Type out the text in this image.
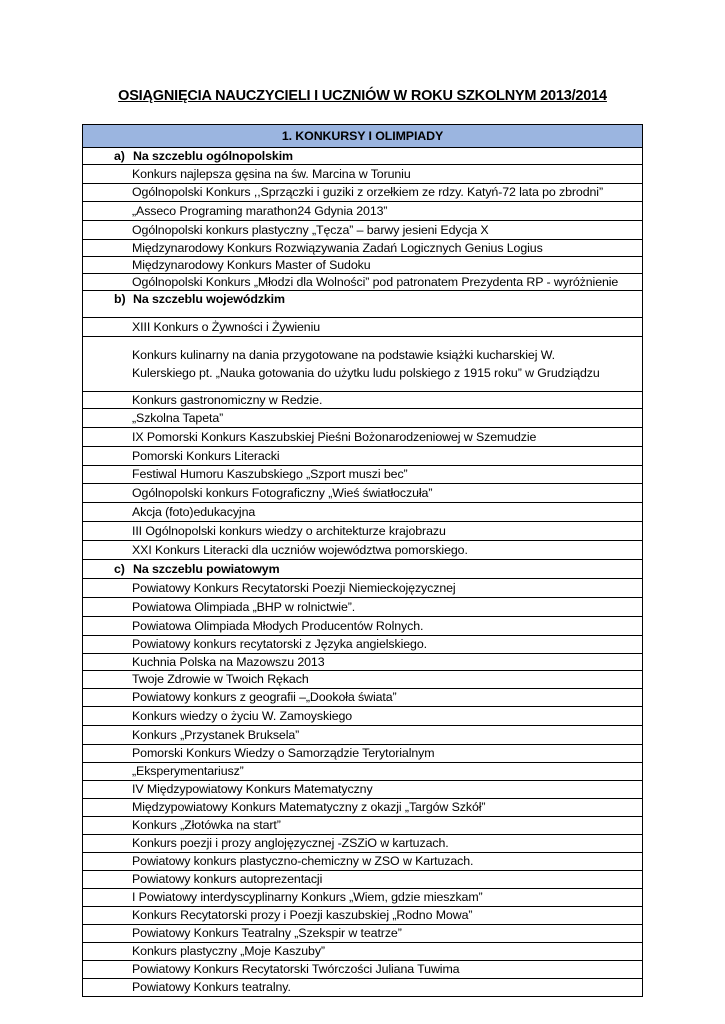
OSIĄGNIĘCIA NAUCZYCIELI I UCZNIÓW W ROKU SZKOLNYM 2013/2014
1. KONKURSY I OLIMPIADY
a) Na szczeblu ogólnopolskim
Konkurs najlepsza gęsina na św. Marcina w Toruniu
Ogólnopolski Konkurs ,,Sprzączki i guziki z orzełkiem ze rdzy. Katyń-72 lata po zbrodni”
„Asseco Programing marathon24 Gdynia 2013”
Ogólnopolski konkurs plastyczny „Tęcza” – barwy jesieni Edycja X
Międzynarodowy Konkurs Rozwiązywania Zadań Logicznych Genius Logius
Międzynarodowy Konkurs Master of Sudoku
Ogólnopolski Konkurs „Młodzi dla Wolności” pod patronatem Prezydenta RP - wyróżnienie
b) Na szczeblu wojewódzkim
XIII Konkurs o Żywności i Żywieniu
Konkurs kulinarny na dania przygotowane na podstawie książki kucharskiej W. Kulerskiego pt. „Nauka gotowania do użytku ludu polskiego z 1915 roku” w Grudziądzu
Konkurs gastronomiczny w Redzie.
„Szkolna Tapeta”
IX Pomorski Konkurs Kaszubskiej Pieśni Bożonarodzeniowej w Szemudzie
Pomorski Konkurs Literacki
Festiwal Humoru Kaszubskiego „Szport muszi bec”
Ogólnopolski konkurs Fotograficzny „Wieś światłoczuła”
Akcja (foto)edukacyjna
III Ogólnopolski konkurs wiedzy o architekturze krajobrazu
XXI Konkurs Literacki dla uczniów województwa pomorskiego.
c) Na szczeblu powiatowym
Powiatowy Konkurs Recytatorski Poezji Niemieckojęzycznej
Powiatowa Olimpiada „BHP w rolnictwie”.
Powiatowa Olimpiada Młodych Producentów Rolnych.
Powiatowy konkurs recytatorski z Języka angielskiego.
Kuchnia Polska na Mazowszu 2013
Twoje Zdrowie w Twoich Rękach
Powiatowy konkurs z geografii –„Dookoła świata”
Konkurs wiedzy o życiu W. Zamoyskiego
Konkurs „Przystanek Bruksela”
Pomorski Konkurs Wiedzy o Samorządzie Terytorialnym
„Eksperymentariusz”
IV Międzypowiatowy Konkurs Matematyczny
Międzypowiatowy Konkurs Matematyczny z okazji „Targów Szkół”
Konkurs „Złotówka na start”
Konkurs poezji i prozy anglojęzycznej -ZSZiO w kartuzach.
Powiatowy konkurs plastyczno-chemiczny w ZSO w Kartuzach.
Powiatowy konkurs autoprezentacji
I Powiatowy interdyscyplinarny Konkurs „Wiem, gdzie mieszkam”
Konkurs Recytatorski prozy i Poezji kaszubskiej „Rodno Mowa”
Powiatowy Konkurs Teatralny „Szekspir w teatrze”
Konkurs plastyczny „Moje Kaszuby”
Powiatowy Konkurs Recytatorski Twórczości Juliana Tuwima
Powiatowy Konkurs teatralny.
